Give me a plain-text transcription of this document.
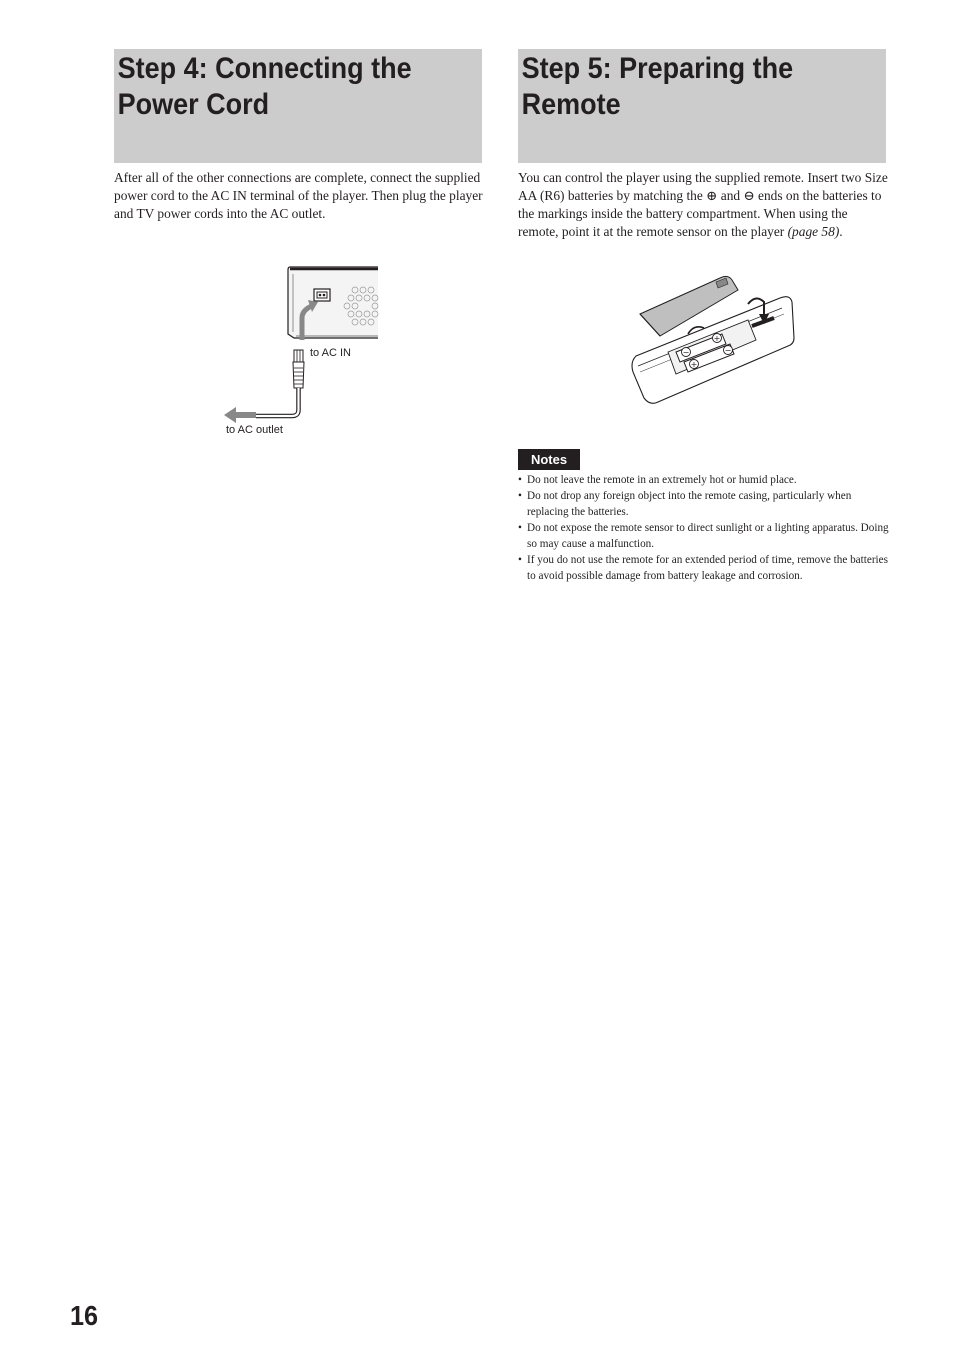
Step 4: Connecting the
Power Cord
Step 5: Preparing the
Remote

After all of the other connections are complete, connect the supplied power cord to the AC IN terminal of the player. Then plug the player and TV power cords into the AC outlet.

You can control the player using the supplied remote. Insert two Size AA (R6) batteries by matching the ⊕ and ⊖ ends on the batteries to the markings inside the battery compartment. When using the remote, point it at the remote sensor on the player (page 58).

to AC IN
to AC outlet
−
+
+
−
Notes
• Do not leave the remote in an extremely hot or humid place.
• Do not drop any foreign object into the remote casing, particularly when replacing the batteries.
• Do not expose the remote sensor to direct sunlight or a lighting apparatus. Doing so may cause a malfunction.
• If you do not use the remote for an extended period of time, remove the batteries to avoid possible damage from battery leakage and corrosion.
16
